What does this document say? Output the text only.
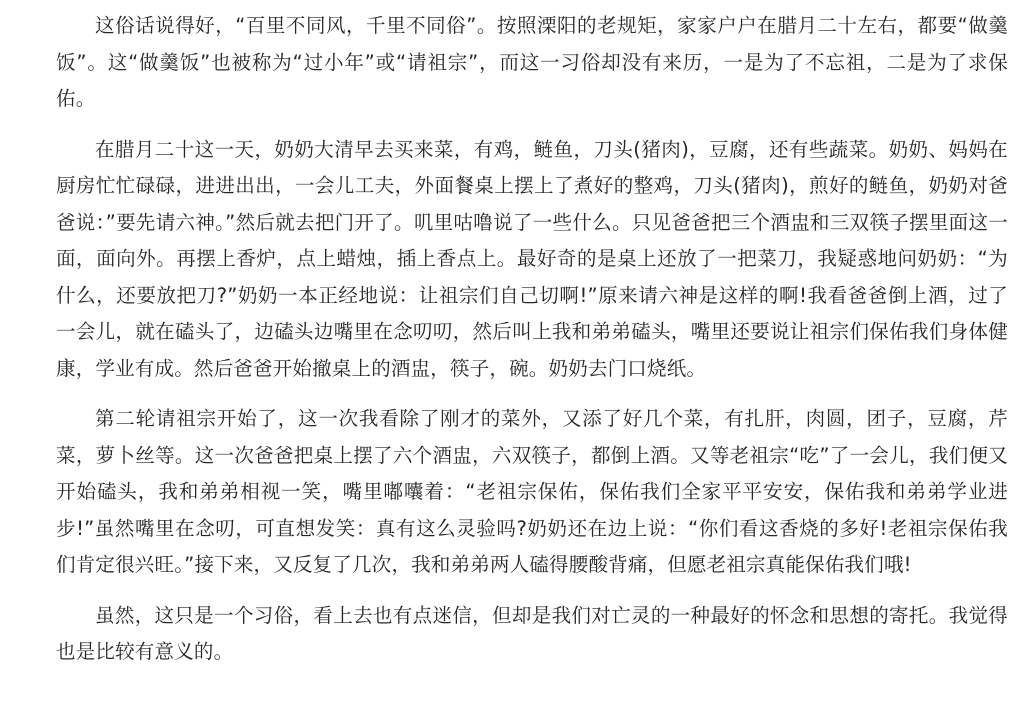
这俗话说得好，“百里不同风，千里不同俗”。按照溧阳的老规矩，家家户户在腊月二十左右，都要“做羹饭”。这“做羹饭”也被称为“过小年”或“请祖宗”，而这一习俗却没有来历，一是为了不忘祖，二是为了求保佑。

在腊月二十这一天，奶奶大清早去买来菜，有鸡，鲢鱼，刀头(猪肉)，豆腐，还有些蔬菜。奶奶、妈妈在厨房忙忙碌碌，进进出出，一会儿工夫，外面餐桌上摆上了煮好的整鸡，刀头(猪肉)，煎好的鲢鱼，奶奶对爸爸说：”要先请六神。”然后就去把门开了。叽里咕噜说了一些什么。只见爸爸把三个酒盅和三双筷子摆里面这一面，面向外。再摆上香炉，点上蜡烛，插上香点上。最好奇的是桌上还放了一把菜刀，我疑惑地问奶奶：“为什么，还要放把刀?”奶奶一本正经地说：让祖宗们自己切啊!”原来请六神是这样的啊!我看爸爸倒上酒，过了一会儿，就在磕头了，边磕头边嘴里在念叨叨，然后叫上我和弟弟磕头，嘴里还要说让祖宗们保佑我们身体健康，学业有成。然后爸爸开始撤桌上的酒盅，筷子，碗。奶奶去门口烧纸。

第二轮请祖宗开始了，这一次我看除了刚才的菜外，又添了好几个菜，有扎肝，肉圆，团子，豆腐，芹菜，萝卜丝等。这一次爸爸把桌上摆了六个酒盅，六双筷子，都倒上酒。又等老祖宗“吃”了一会儿，我们便又开始磕头，我和弟弟相视一笑，嘴里嘟囔着：“老祖宗保佑，保佑我们全家平平安安，保佑我和弟弟学业进步!”虽然嘴里在念叨，可直想发笑：真有这么灵验吗?奶奶还在边上说：“你们看这香烧的多好!老祖宗保佑我们肯定很兴旺。”接下来，又反复了几次，我和弟弟两人磕得腰酸背痛，但愿老祖宗真能保佑我们哦!

虽然，这只是一个习俗，看上去也有点迷信，但却是我们对亡灵的一种最好的怀念和思想的寄托。我觉得也是比较有意义的。
